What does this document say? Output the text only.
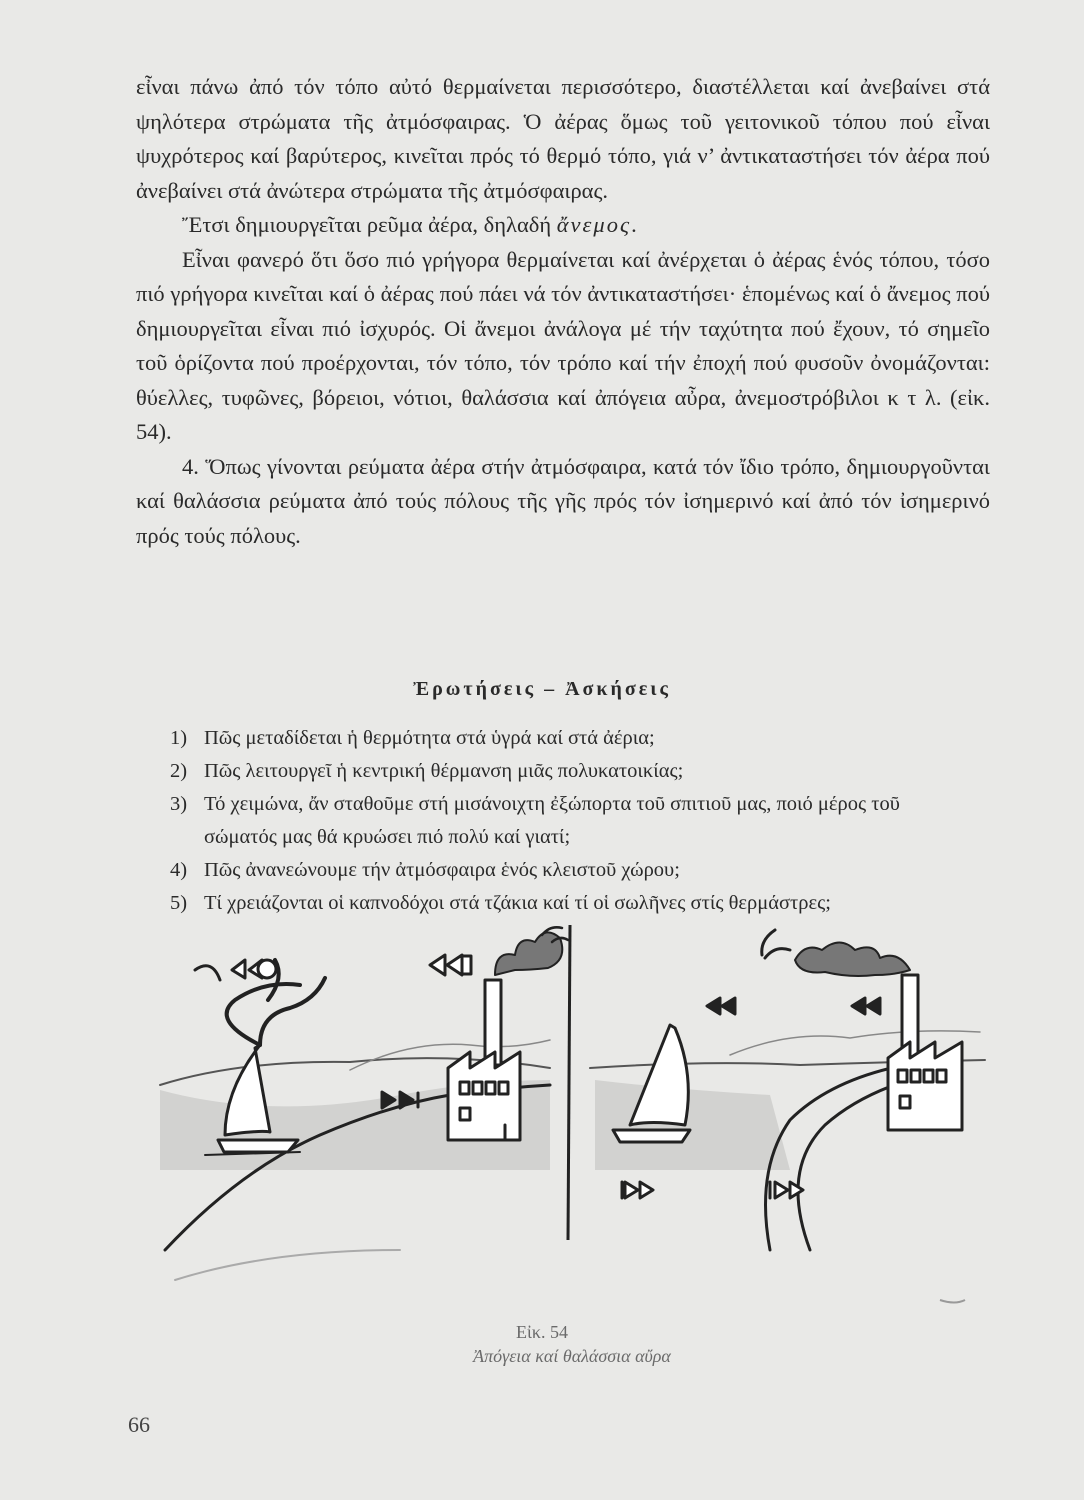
εἶναι πάνω ἀπό τόν τόπο αὐτό θερμαίνεται περισσότερο, διαστέλλεται καί ἀνεβαίνει στά ψηλότερα στρώματα τῆς ἀτμόσφαιρας. Ὁ ἀέρας ὅμως τοῦ γειτονικοῦ τόπου πού εἶναι ψυχρότερος καί βαρύτερος, κινεῖται πρός τό θερμό τόπο, γιά ν’ ἀντικαταστήσει τόν ἀέρα πού ἀνεβαίνει στά ἀνώτερα στρώματα τῆς ἀτμόσφαιρας.

Ἔτσι δημιουργεῖται ρεῦμα ἀέρα, δηλαδή ἄνεμος.

Εἶναι φανερό ὅτι ὅσο πιό γρήγορα θερμαίνεται καί ἀνέρχεται ὁ ἀέρας ἑνός τόπου, τόσο πιό γρήγορα κινεῖται καί ὁ ἀέρας πού πάει νά τόν ἀντικαταστήσει· ἑπομένως καί ὁ ἄνεμος πού δημιουργεῖται εἶναι πιό ἰσχυρός. Οἱ ἄνεμοι ἀνάλογα μέ τήν ταχύτητα πού ἔχουν, τό σημεῖο τοῦ ὁρίζοντα πού προέρχονται, τόν τόπο, τόν τρόπο καί τήν ἐποχή πού φυσοῦν ὀνομάζονται: θύελλες, τυφῶνες, βόρειοι, νότιοι, θαλάσσια καί ἀπόγεια αὖρα, ἀνεμοστρόβιλοι κ τ λ. (εἰκ. 54).

4. Ὅπως γίνονται ρεύματα ἀέρα στήν ἀτμόσφαιρα, κατά τόν ἴδιο τρόπο, δημιουργοῦνται καί θαλάσσια ρεύματα ἀπό τούς πόλους τῆς γῆς πρός τόν ἰσημερινό καί ἀπό τόν ἰσημερινό πρός τούς πόλους.

Ἐρωτήσεις – Ἀσκήσεις
1) Πῶς μεταδίδεται ἡ θερμότητα στά ὑγρά καί στά ἀέρια;
2) Πῶς λειτουργεῖ ἡ κεντρική θέρμανση μιᾶς πολυκατοικίας;
3) Τό χειμώνα, ἄν σταθοῦμε στή μισάνοιχτη ἐξώπορτα τοῦ σπιτιοῦ μας, ποιό μέρος τοῦ σώματός μας θά κρυώσει πιό πολύ καί γιατί;
4) Πῶς ἀνανεώνουμε τήν ἀτμόσφαιρα ἑνός κλειστοῦ χώρου;
5) Τί χρειάζονται οἱ καπνοδόχοι στά τζάκια καί τί οἱ σωλῆνες στίς θερμάστρες;
Εἰκ. 54
Ἀπόγεια καί θαλάσσια αὔρα
66
